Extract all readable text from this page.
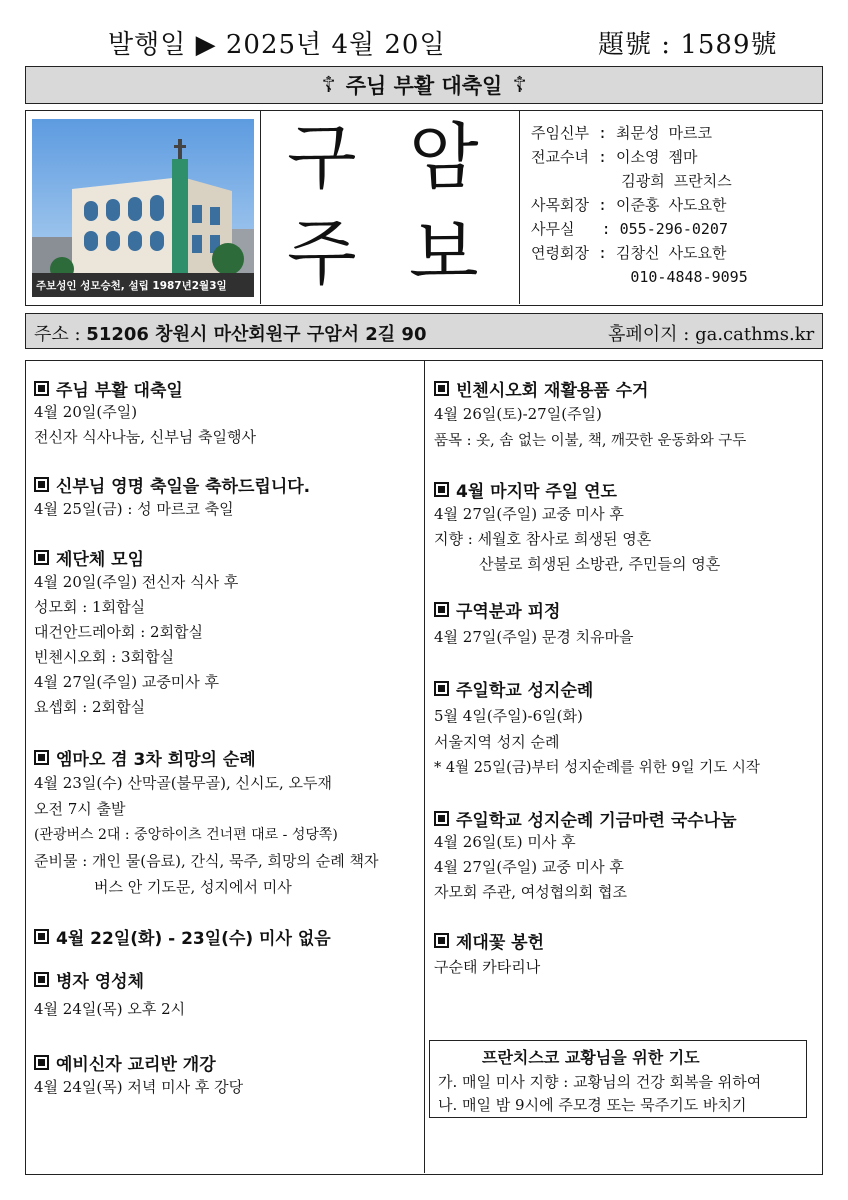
발행일 ▶ 2025년 4월 20일	題號 : 1589號
☦ 주님 부활 대축일 ☦
주보성인 성모승천, 설립 1987년2월3일
구 암
주 보
주임신부 : 최문성 마르코
전교수녀 : 이소영 젬마
김광희 프란치스
사목회장 : 이준홍 사도요한
사무실   : 055-296-0207
연령회장 : 김창신 사도요한
010-4848-9095
주소 : 51206 창원시 마산회원구 구암서 2길 90	홈페이지 : ga.cathms.kr
주님 부활 대축일
4월 20일(주일)
전신자 식사나눔, 신부님 축일행사
신부님 영명 축일을 축하드립니다.
4월 25일(금) : 성 마르코 축일
제단체 모임
4월 20일(주일) 전신자 식사 후
성모회 : 1회합실
대건안드레아회 : 2회합실
빈첸시오회 : 3회합실
4월 27일(주일) 교중미사 후
요셉회 : 2회합실
엠마오 겸 3차 희망의 순례
4월 23일(수) 산막골(불무골), 신시도, 오두재
오전 7시 출발
(관광버스 2대 : 중앙하이츠 건너편 대로 - 성당쪽)
준비물 : 개인 물(음료), 간식, 묵주, 희망의 순례 책자
버스 안 기도문, 성지에서 미사
4월 22일(화) - 23일(수) 미사 없음
병자 영성체
4월 24일(목) 오후 2시
예비신자 교리반 개강
4월 24일(목) 저녁 미사 후 강당
빈첸시오회 재활용품 수거
4월 26일(토)-27일(주일)
품목 : 옷, 솜 없는 이불, 책, 깨끗한 운동화와 구두
4월 마지막 주일 연도
4월 27일(주일) 교중 미사 후
지향 : 세월호 참사로 희생된 영혼
산불로 희생된 소방관, 주민들의 영혼
구역분과 피정
4월 27일(주일) 문경 치유마을
주일학교 성지순례
5월 4일(주일)-6일(화)
서울지역 성지 순례
* 4월 25일(금)부터 성지순례를 위한 9일 기도 시작
주일학교 성지순례 기금마련 국수나눔
4월 26일(토) 미사 후
4월 27일(주일) 교중 미사 후
자모회 주관, 여성협의회 협조
제대꽃 봉헌
구순태 카타리나
프란치스코 교황님을 위한 기도
가. 매일 미사 지향 : 교황님의 건강 회복을 위하여
나. 매일 밤 9시에 주모경 또는 묵주기도 바치기
